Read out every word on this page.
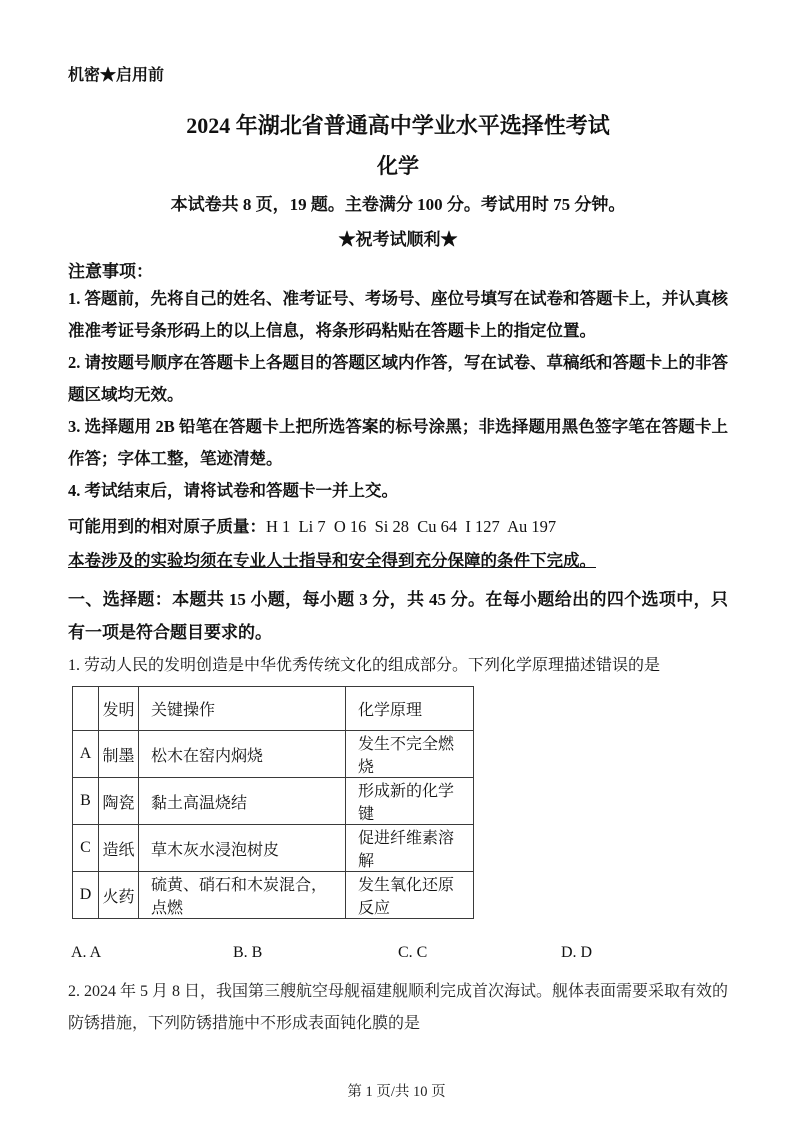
机密★启用前
2024 年湖北省普通高中学业水平选择性考试
化学
本试卷共 8 页，19 题。主卷满分 100 分。考试用时 75 分钟。
★祝考试顺利★

注意事项：

1. 答题前，先将自己的姓名、准考证号、考场号、座位号填写在试卷和答题卡上，并认真核准准考证号条形码上的以上信息，将条形码粘贴在答题卡上的指定位置。

2. 请按题号顺序在答题卡上各题目的答题区域内作答，写在试卷、草稿纸和答题卡上的非答题区域均无效。

3. 选择题用 2B 铅笔在答题卡上把所选答案的标号涂黑；非选择题用黑色签字笔在答题卡上作答；字体工整，笔迹清楚。

4. 考试结束后，请将试卷和答题卡一并上交。

可能用到的相对原子质量：H 1  Li 7  O 16  Si 28  Cu 64  I 127  Au 197

本卷涉及的实验均须在专业人士指导和安全得到充分保障的条件下完成。

一、选择题：本题共 15 小题，每小题 3 分，共 45 分。在每小题给出的四个选项中，只有一项是符合题目要求的。

1. 劳动人民的发明创造是中华优秀传统文化的组成部分。下列化学原理描述错误的是

	发明	关键操作	化学原理
A	制墨	松木在窑内焖烧	发生不完全燃烧
B	陶瓷	黏土高温烧结	形成新的化学键
C	造纸	草木灰水浸泡树皮	促进纤维素溶解
D	火药	硫黄、硝石和木炭混合，点燃	发生氧化还原反应
A. A	B. B	C. C	D. D

2. 2024 年 5 月 8 日，我国第三艘航空母舰福建舰顺利完成首次海试。舰体表面需要采取有效的防锈措施，下列防锈措施中不形成表面钝化膜的是

第 1 页/共 10 页
